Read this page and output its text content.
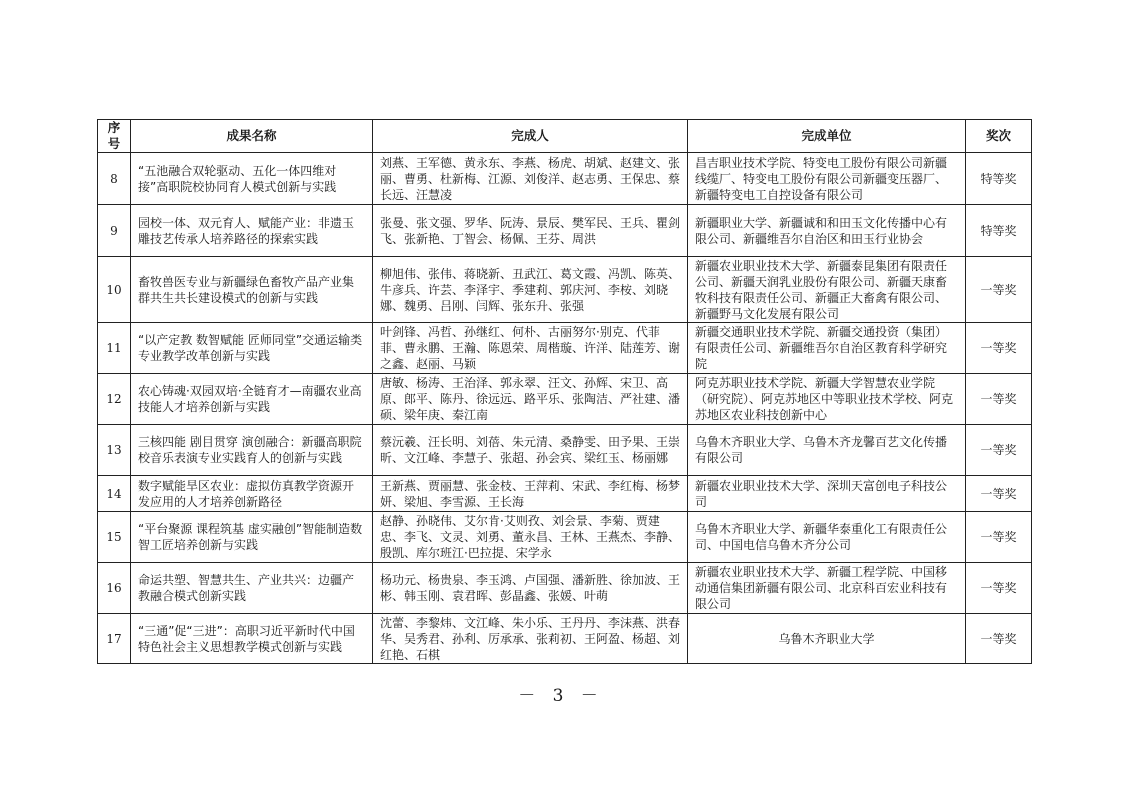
序号	成果名称	完成人	完成单位	奖次
8	“五池融合双轮驱动、五化一体四维对接”高职院校协同育人模式创新与实践	刘燕、王军德、黄永东、李燕、杨虎、胡斌、赵建文、张丽、曹勇、杜新梅、江源、刘俊洋、赵志勇、王保忠、蔡长远、汪慧凌	昌吉职业技术学院、特变电工股份有限公司新疆线缆厂、特变电工股份有限公司新疆变压器厂、新疆特变电工自控设备有限公司	特等奖
9	园校一体、双元育人、赋能产业：非遗玉雕技艺传承人培养路径的探索实践	张曼、张文强、罗华、阮涛、景辰、樊军民、王兵、瞿剑飞、张新艳、丁智会、杨佩、王芬、周洪	新疆职业大学、新疆诚和和田玉文化传播中心有限公司、新疆维吾尔自治区和田玉行业协会	特等奖
10	畜牧兽医专业与新疆绿色畜牧产品产业集群共生共长建设模式的创新与实践	柳旭伟、张伟、蒋晓新、丑武江、葛文霞、冯凯、陈英、牛彦兵、许芸、李泽宇、季建莉、郭庆河、李桉、刘晓娜、魏勇、吕刚、闫辉、张东升、张强	新疆农业职业技术大学、新疆泰昆集团有限责任公司、新疆天润乳业股份有限公司、新疆天康畜牧科技有限责任公司、新疆正大畜禽有限公司、新疆野马文化发展有限公司	一等奖
11	“以产定教 数智赋能 匠师同堂”交通运输类专业教学改革创新与实践	叶剑锋、冯哲、孙继红、何朴、古丽努尔·别克、代菲菲、曹永鹏、王瀚、陈恩荣、周楷璇、许洋、陆莲芳、谢之鑫、赵丽、马颖	新疆交通职业技术学院、新疆交通投资（集团）有限责任公司、新疆维吾尔自治区教育科学研究院	一等奖
12	农心铸魂·双园双培·全链育才—南疆农业高技能人才培养创新与实践	唐敏、杨涛、王治泽、郭永翠、汪文、孙辉、宋卫、高原、郎平、陈丹、徐远远、路平乐、张陶洁、严社建、潘硕、梁年庚、秦江南	阿克苏职业技术学院、新疆大学智慧农业学院（研究院）、阿克苏地区中等职业技术学校、阿克苏地区农业科技创新中心	一等奖
13	三核四能 剧目贯穿 演创融合：新疆高职院校音乐表演专业实践育人的创新与实践	蔡沅羲、汪长明、刘蓓、朱元清、桑静雯、田予果、王崇昕、文江峰、李慧子、张超、孙会宾、梁红玉、杨丽娜	乌鲁木齐职业大学、乌鲁木齐龙馨百艺文化传播有限公司	一等奖
14	数字赋能旱区农业：虚拟仿真教学资源开发应用的人才培养创新路径	王新燕、贾丽慧、张金枝、王萍莉、宋武、李红梅、杨梦妍、梁旭、李雪源、王长海	新疆农业职业技术大学、深圳天富创电子科技公司	一等奖
15	“平台聚源 课程筑基 虚实融创”智能制造数智工匠培养创新与实践	赵静、孙晓伟、艾尔肯·艾则孜、刘会景、李菊、贾建忠、李飞、文灵、刘勇、董永昌、王林、王燕杰、李静、殷凯、库尔班江·巴拉提、宋学永	乌鲁木齐职业大学、新疆华泰重化工有限责任公司、中国电信乌鲁木齐分公司	一等奖
16	命运共塑、智慧共生、产业共兴：边疆产教融合模式创新实践	杨功元、杨贵泉、李玉鸿、卢国强、潘新胜、徐加波、王彬、韩玉刚、袁君晖、彭晶鑫、张媛、叶萌	新疆农业职业技术大学、新疆工程学院、中国移动通信集团新疆有限公司、北京科百宏业科技有限公司	一等奖
17	“三通”促“三进”：高职习近平新时代中国特色社会主义思想教学模式创新与实践	沈蕾、李黎炜、文江峰、朱小乐、王丹丹、李沫燕、洪春华、吴秀君、孙利、厉承承、张莉初、王阿盈、杨超、刘红艳、石棋	乌鲁木齐职业大学	一等奖
－ 3 －
